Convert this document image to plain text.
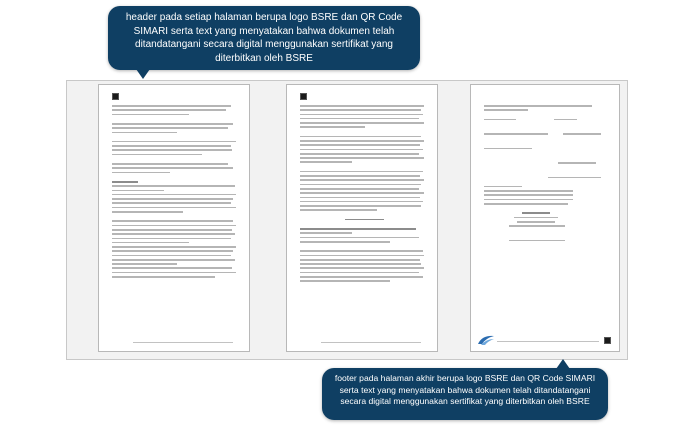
header pada setiap halaman berupa logo BSRE dan QR Code SIMARI serta text yang menyatakan bahwa dokumen telah ditandatangani secara digital menggunakan sertifikat yang diterbitkan oleh BSRE
footer pada halaman akhir berupa logo BSRE dan QR Code SIMARI serta text yang menyatakan bahwa dokumen telah ditandatangani secara digital menggunakan sertifikat yang diterbitkan oleh BSRE
